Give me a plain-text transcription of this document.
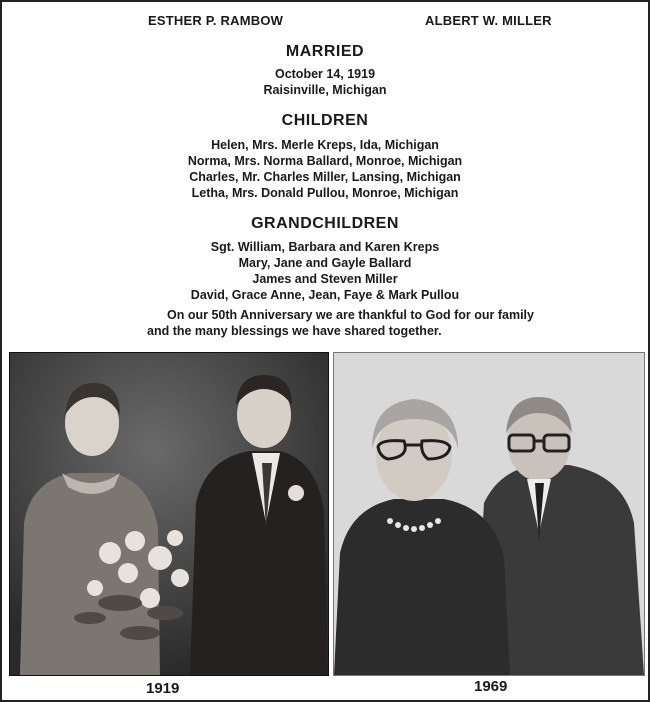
ESTHER P. RAMBOW	ALBERT W. MILLER
MARRIED
October 14, 1919
Raisinville, Michigan
CHILDREN
Helen, Mrs. Merle Kreps, Ida, Michigan
Norma, Mrs. Norma Ballard, Monroe, Michigan
Charles, Mr. Charles Miller, Lansing, Michigan
Letha, Mrs. Donald Pullou, Monroe, Michigan
GRANDCHILDREN
Sgt. William, Barbara and Karen Kreps
Mary, Jane and Gayle Ballard
James and Steven Miller
David, Grace Anne, Jean, Faye & Mark Pullou
On our 50th Anniversary we are thankful to God for our family
and the many blessings we have shared together.
1919	1969
